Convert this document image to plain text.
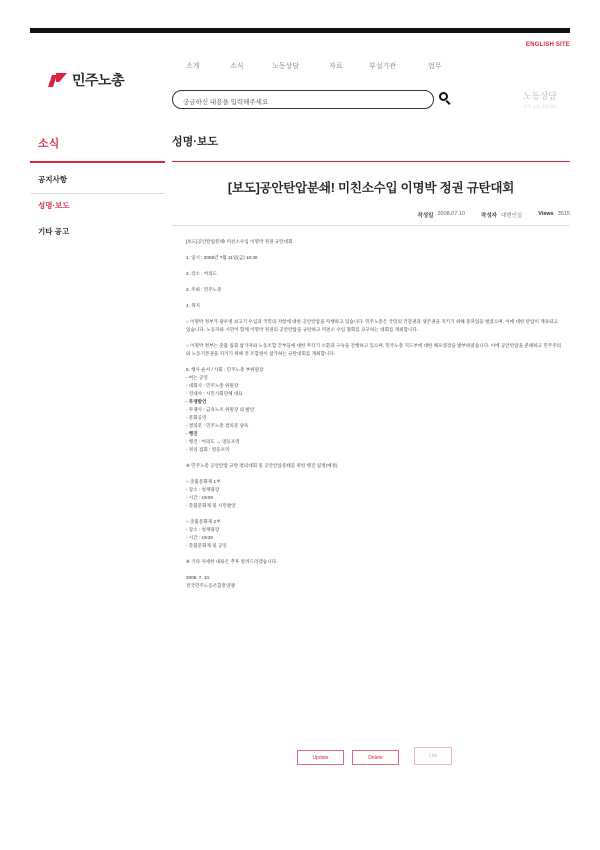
ENGLISH SITE
민주노총
소개	소식	노동상담	자료	부설기관	업무
궁금하신 내용을 입력해주세요
노동상담
민주 노동 상담센터
소식
공지사항
성명·보도
기타 공고
성명·보도
[보도]공안탄압분쇄! 미친소수입 이명박 정권 규탄대회
작성일 2008.07.10	작성자 대변인실	Views 3515

[보도]공안탄압분쇄! 미친소수입 이명박 정권 규탄대회

1. 일시 : 2008년 7월 11일(금) 16:30

2. 장소 : 여의도

3. 주최 : 민주노총

4. 취지

○ 이명박 정부가 광우병 쇠고기 수입과 국민의 저항에 대한 공안탄압을 자행하고 있습니다. 민주노총은 국민의 건강권과 생존권을 지키기 위해 총파업을 벌였으며, 이에 대한 탄압이 계속되고 있습니다. 노동자와 시민이 함께 이명박 정권의 공안탄압을 규탄하고 미친소 수입 철회를 요구하는 대회를 개최합니다.

○ 이명박 정부는 촛불 집회 참가자와 노동조합 간부들에 대한 무더기 소환과 구속을 진행하고 있으며, 민주노총 지도부에 대한 체포영장을 발부하였습니다. 이에 공안탄압을 분쇄하고 민주주의와 노동기본권을 지키기 위해 전 조합원이 참가하는 규탄대회를 개최합니다.

5. 행사 순서 / 사회 : 민주노총 부위원장

- 여는 공연

- 대회사 : 민주노총 위원장

- 연대사 : 시민사회단체 대표

- 투쟁발언

- 투쟁사 : 금속노조 위원장 외 발언

- 문화공연

- 결의문 : 민주노총 결의문 낭독

- 행진

- 행진 : 여의도 → 영등포역

- 정리 집회 : 영등포역

※ 민주노총 공안탄압 규탄 결의대회 및 공안탄압분쇄를 위한 행진 일정(예정)

○ 촛불문화제 1부

- 장소 : 청계광장

- 시간 : 19:00

- 촛불문화제 및 시민발언

○ 촛불문화제 2부

- 장소 : 청계광장

- 시간 : 19:30

- 촛불문화제 및 공연

※ 기타 자세한 내용은 추후 알려드리겠습니다.

2008. 7. 10.

전국민주노동조합총연맹

Update	Delete	List
